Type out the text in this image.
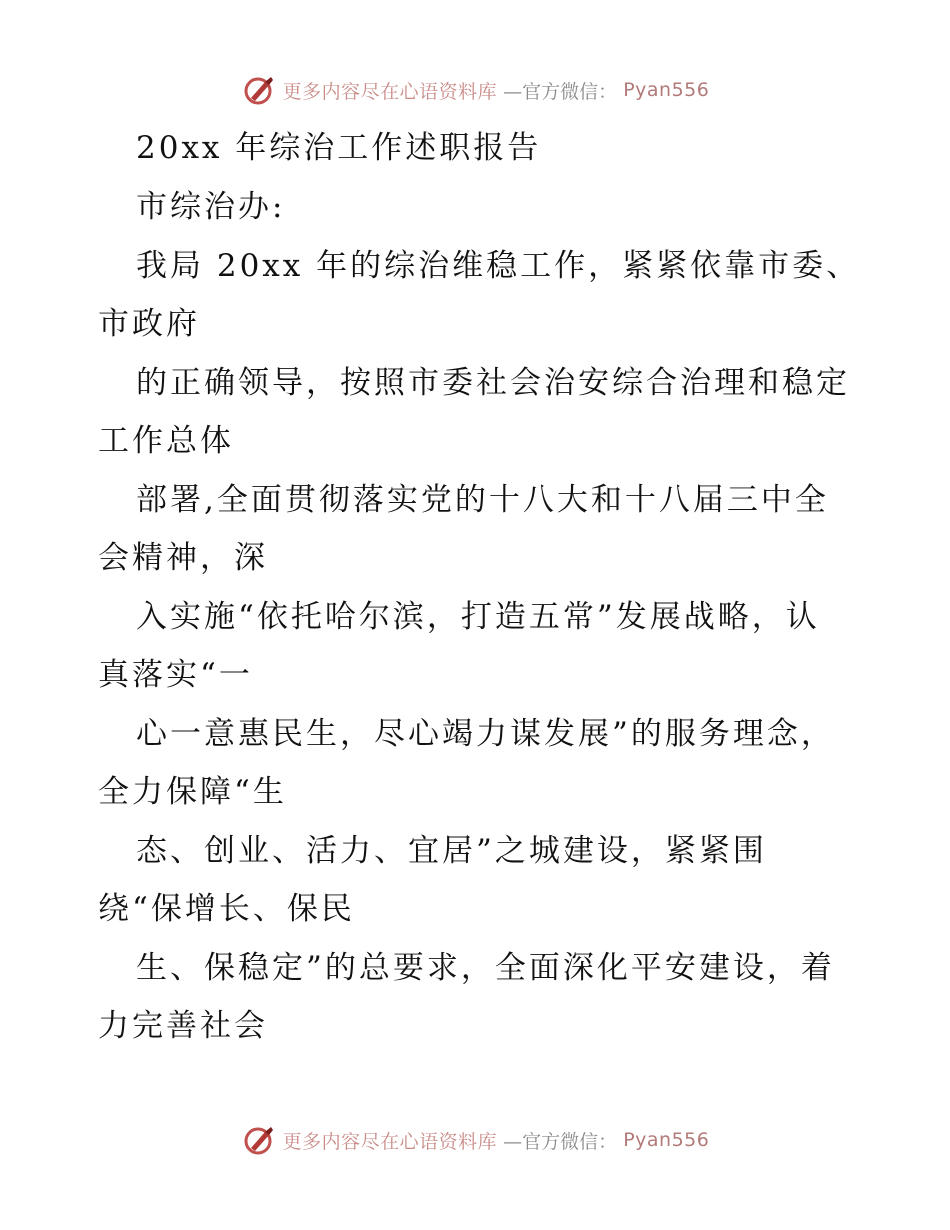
更多内容尽在心语资料库 —官方微信： Pyan556
20xx 年综治工作述职报告
市综治办:
我局 20xx 年的综治维稳工作，紧紧依靠市委、
市政府
的正确领导，按照市委社会治安综合治理和稳定
工作总体
部署,全面贯彻落实党的十八大和十八届三中全
会精神，深
入实施“依托哈尔滨，打造五常”发展战略，认
真落实“一
心一意惠民生，尽心竭力谋发展”的服务理念，
全力保障“生
态、创业、活力、宜居”之城建设，紧紧围
绕“保增长、保民
生、保稳定”的总要求，全面深化平安建设，着
力完善社会
更多内容尽在心语资料库 —官方微信： Pyan556
